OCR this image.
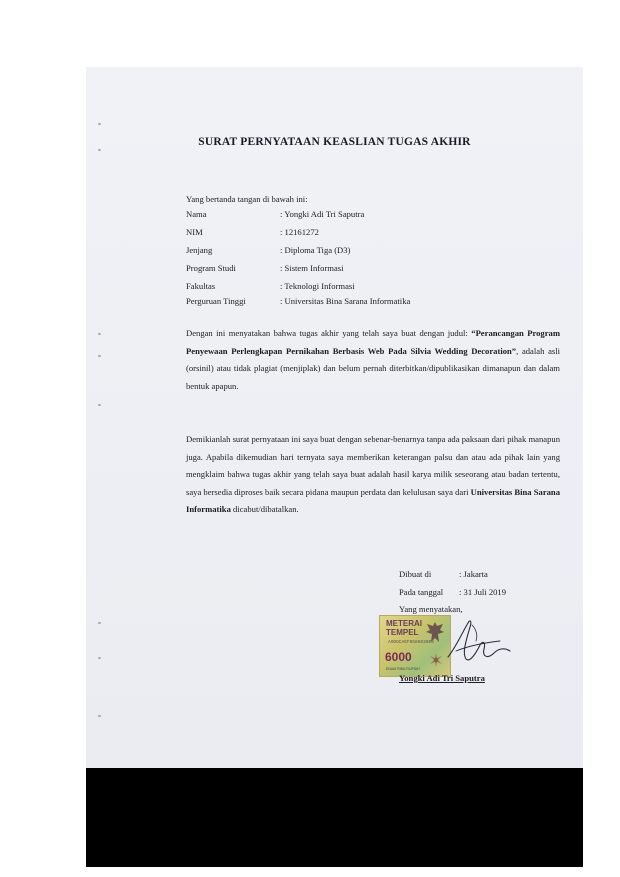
SURAT PERNYATAAN KEASLIAN TUGAS AKHIR
Yang bertanda tangan di bawah ini:
Nama	: Yongki Adi Tri Saputra
NIM	: 12161272
Jenjang	: Diploma Tiga (D3)
Program Studi	: Sistem Informasi
Fakultas	: Teknologi Informasi
Perguruan Tinggi	: Universitas Bina Sarana Informatika
Dengan ini menyatakan bahwa tugas akhir yang telah saya buat dengan judul: “Perancangan Program Penyewaan Perlengkapan Pernikahan Berbasis Web Pada Silvia Wedding Decoration”, adalah asli (orsinil) atau tidak plagiat (menjiplak) dan belum pernah diterbitkan/dipublikasikan dimanapun dan dalam bentuk apapun.
Demikianlah surat pernyataan ini saya buat dengan sebenar-benarnya tanpa ada paksaan dari pihak manapun juga. Apabila dikemudian hari ternyata saya memberikan keterangan palsu dan atau ada pihak lain yang mengklaim bahwa tugas akhir yang telah saya buat adalah hasil karya milik seseorang atau badan tertentu, saya bersedia diproses baik secara pidana maupun perdata dan kelulusan saya dari Universitas Bina Sarana Informatika dicabut/dibatalkan.
Dibuat di	: Jakarta
Pada tanggal : 31 Juli 2019
Yang menyatakan,
METERAI
TEMPEL
A9DDCAEF058603005
6000
ENAM RIBU RUPIAH
Yongki Adi Tri Saputra
